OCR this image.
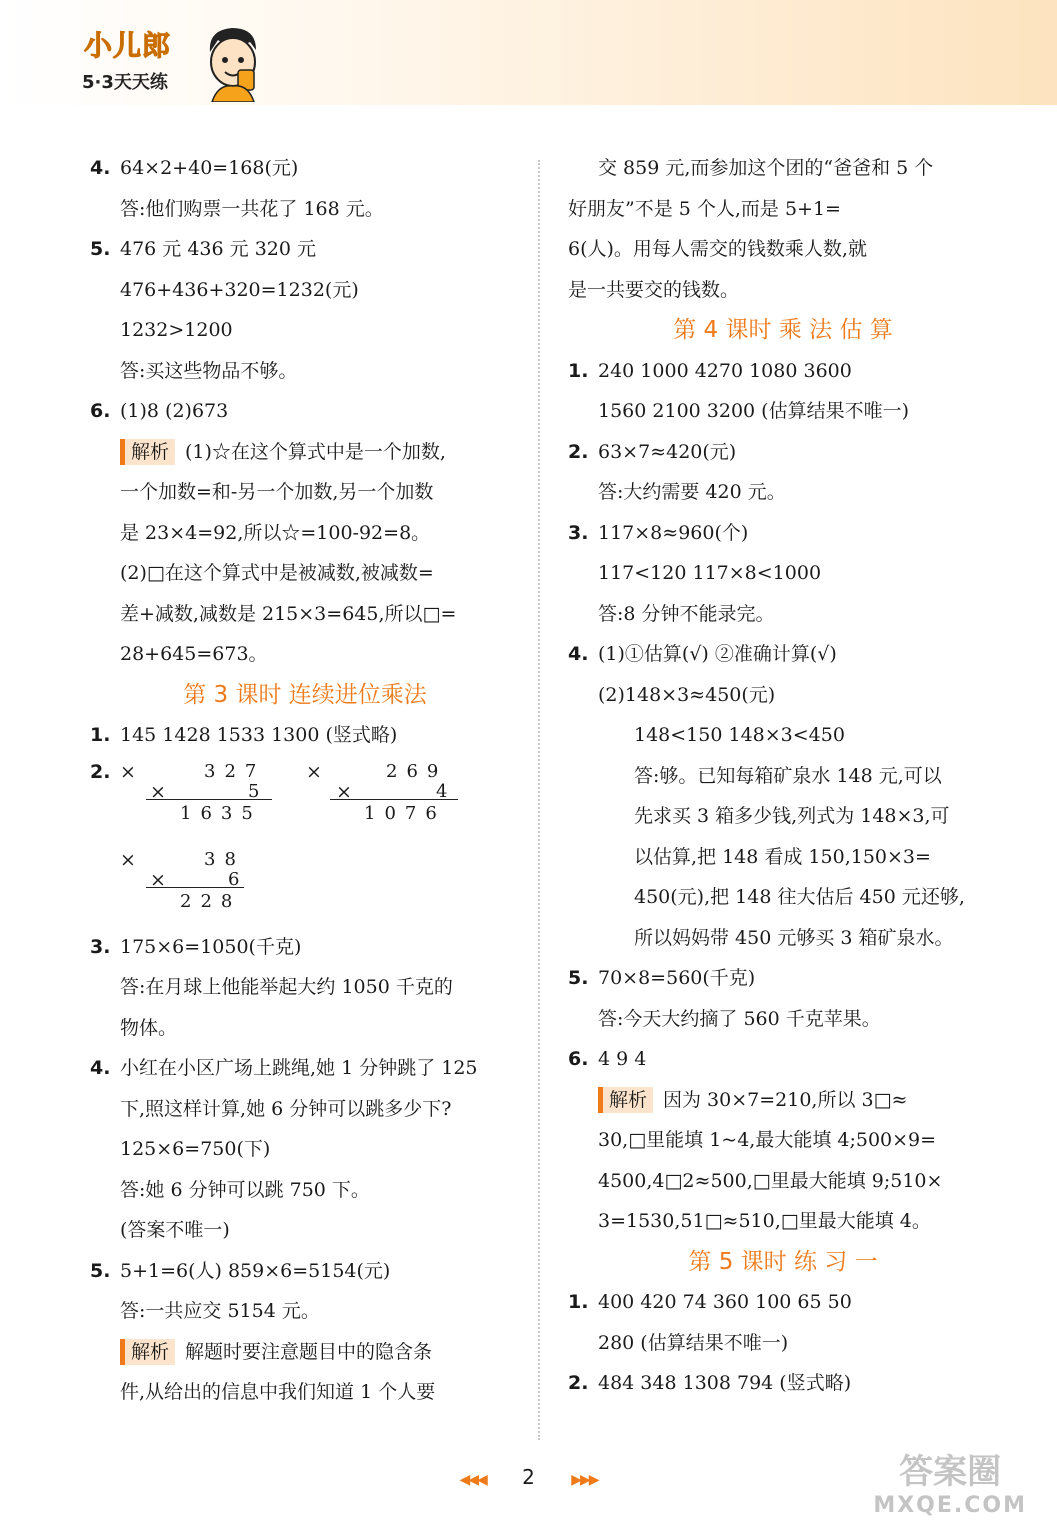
小儿郎
5·3天天练
4. 64×2+40=168(元)
答:他们购票一共花了 168 元。
5. 476 元 436 元 320 元
476+436+320=1232(元)
1232>1200
答:买这些物品不够。
6. (1)8 (2)673
解析 (1)☆在这个算式中是一个加数,
一个加数=和-另一个加数,另一个加数
是 23×4=92,所以☆=100-92=8。
(2)□在这个算式中是被减数,被减数=
差+减数,减数是 215×3=645,所以□=
28+645=673。
第 3 课时 连续进位乘法
1. 145 1428 1533 1300 (竖式略)
2. ×	327
×	5
1635
×	269
×	4
1076
×	38
×	6
228
3. 175×6=1050(千克)
答:在月球上他能举起大约 1050 千克的
物体。
4. 小红在小区广场上跳绳,她 1 分钟跳了 125
下,照这样计算,她 6 分钟可以跳多少下?
125×6=750(下)
答:她 6 分钟可以跳 750 下。
(答案不唯一)
5. 5+1=6(人) 859×6=5154(元)
答:一共应交 5154 元。
解析 解题时要注意题目中的隐含条
件,从给出的信息中我们知道 1 个人要
交 859 元,而参加这个团的“爸爸和 5 个
好朋友”不是 5 个人,而是 5+1=
6(人)。用每人需交的钱数乘人数,就
是一共要交的钱数。
第 4 课时 乘 法 估 算
1. 240 1000 4270 1080 3600
1560 2100 3200 (估算结果不唯一)
2. 63×7≈420(元)
答:大约需要 420 元。
3. 117×8≈960(个)
117<120 117×8<1000
答:8 分钟不能录完。
4. (1)①估算(√) ②准确计算(√)
(2)148×3≈450(元)
148<150 148×3<450
答:够。已知每箱矿泉水 148 元,可以
先求买 3 箱多少钱,列式为 148×3,可
以估算,把 148 看成 150,150×3=
450(元),把 148 往大估后 450 元还够,
所以妈妈带 450 元够买 3 箱矿泉水。
5. 70×8=560(千克)
答:今天大约摘了 560 千克苹果。
6. 4 9 4
解析 因为 30×7=210,所以 3□≈
30,□里能填 1~4,最大能填 4;500×9=
4500,4□2≈500,□里最大能填 9;510×
3=1530,51□≈510,□里最大能填 4。
第 5 课时 练 习 一
1. 400 420 74 360 100 65 50
280 (估算结果不唯一)
2. 484 348 1308 794 (竖式略)
◀◀◀ 2	▶▶▶	答案圈
MXQE.COM
